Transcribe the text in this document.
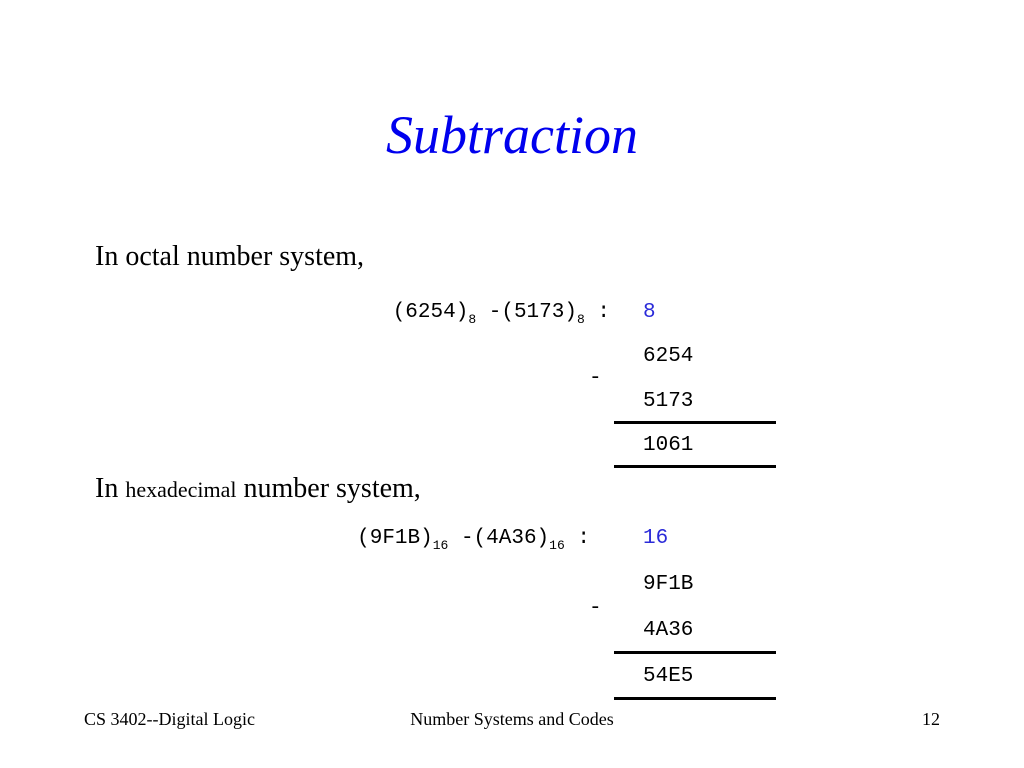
Subtraction
In octal number system,
$(6254)_8$ $-(5173)_8$ : 8
6254
-
5173
1061
In hexadecimal number system,
$(9F1B)_{16}$ $-(4A36)_{16}$ :	16
9F1B
-
4A36
54E5
CS 3402--Digital Logic	Number Systems and Codes	12
